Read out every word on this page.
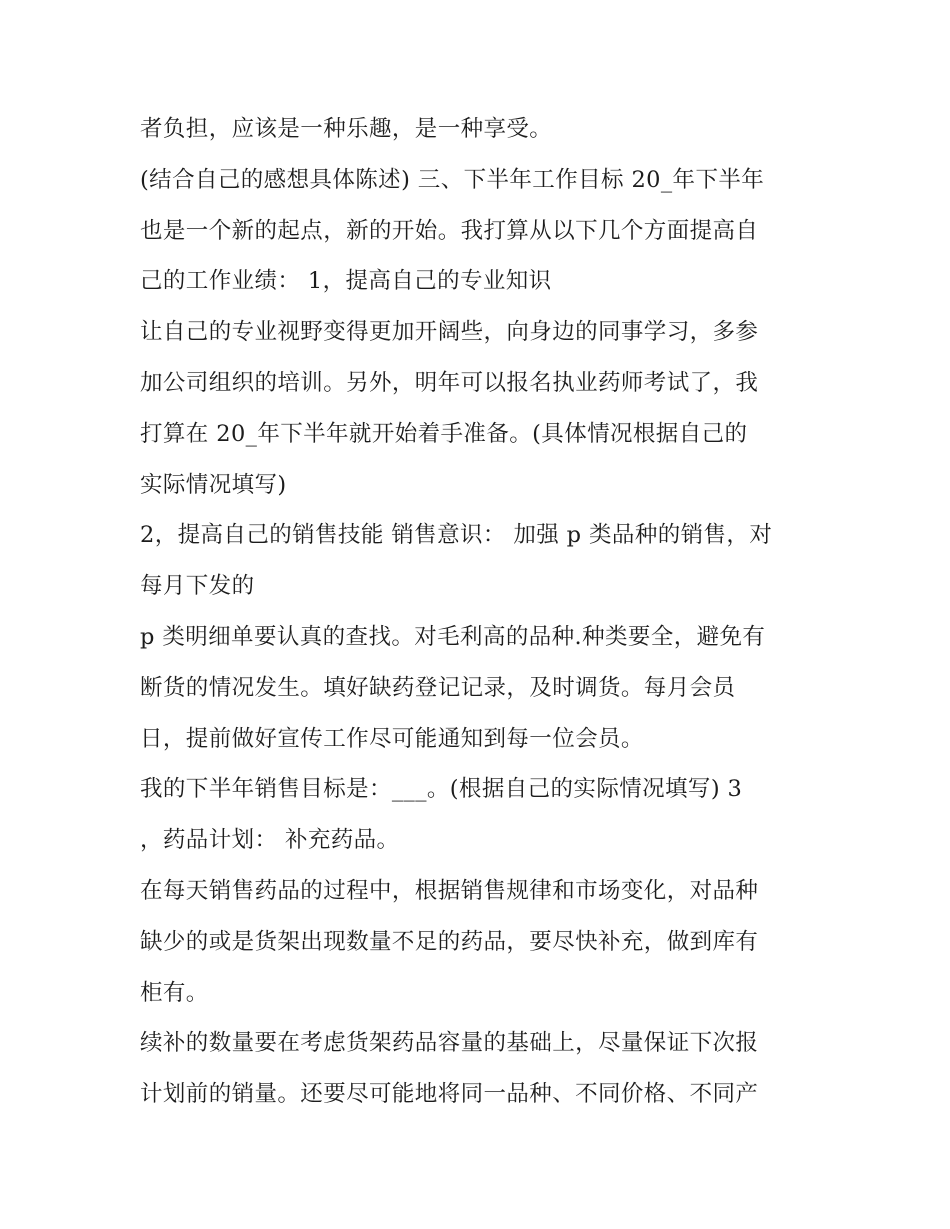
者负担，应该是一种乐趣，是一种享受。
(结合自己的感想具体陈述) 三、下半年工作目标 20_年下半年
也是一个新的起点，新的开始。我打算从以下几个方面提高自
己的工作业绩： 1，提高自己的专业知识
让自己的专业视野变得更加开阔些，向身边的同事学习，多参
加公司组织的培训。另外，明年可以报名执业药师考试了，我
打算在 20_年下半年就开始着手准备。(具体情况根据自己的
实际情况填写)
2，提高自己的销售技能 销售意识： 加强 p 类品种的销售，对
每月下发的
p 类明细单要认真的查找。对毛利高的品种.种类要全，避免有
断货的情况发生。填好缺药登记记录，及时调货。每月会员
日，提前做好宣传工作尽可能通知到每一位会员。
我的下半年销售目标是：___。(根据自己的实际情况填写) 3
，药品计划： 补充药品。
在每天销售药品的过程中，根据销售规律和市场变化，对品种
缺少的或是货架出现数量不足的药品，要尽快补充，做到库有
柜有。
续补的数量要在考虑货架药品容量的基础上，尽量保证下次报
计划前的销量。还要尽可能地将同一品种、不同价格、不同产
